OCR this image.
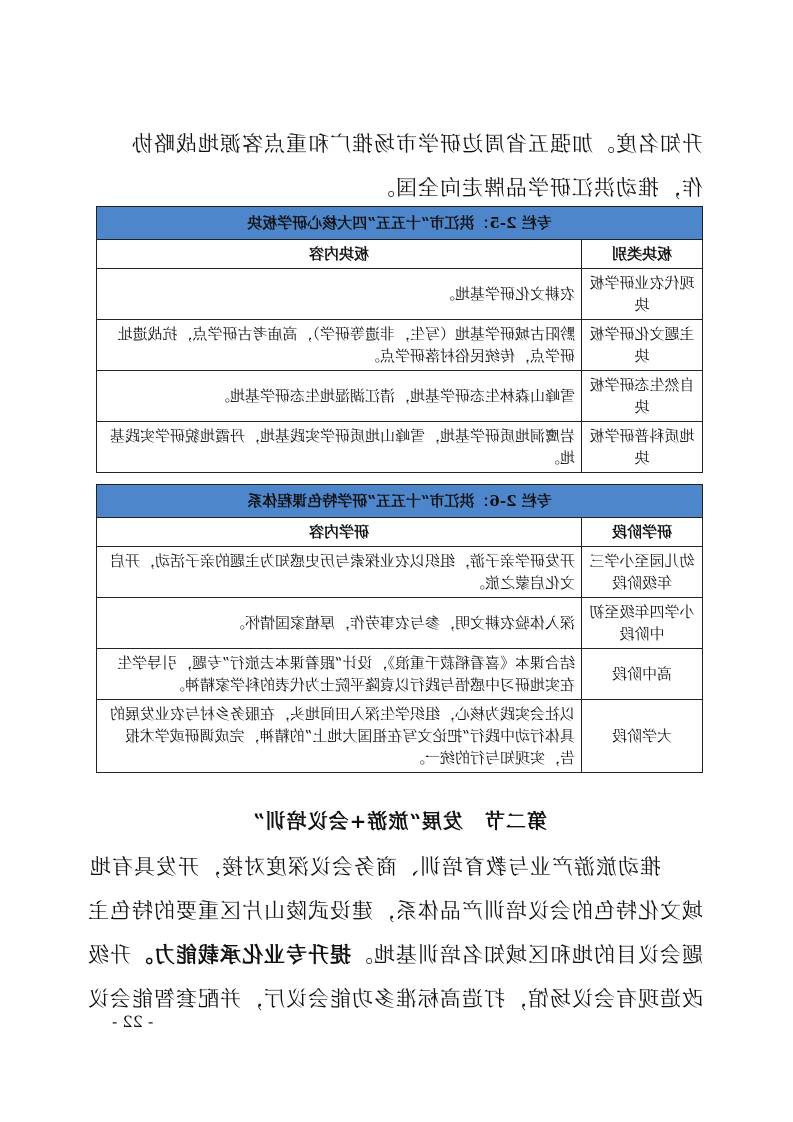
升知名度。加强五省周边研学市场推广和重点客源地战略协作，推动洪江研学品牌走向全国。
专栏 2-5：洪江市“十五五”四大核心研学板块	
板块类别	板块内容
现代农业研学板块	农耕文化研学基地。
主题文化研学板块	黔阳古城研学基地（写生，非遗等研学），高庙考古研学点，抗战遗址研学点，传统民俗村落研学点。
自然生态研学板块	雪峰山森林生态研学基地，清江湖湿地生态研学基地。
地质科普研学板块	岩鹰洞地质研学基地，雪峰山地质研学实践基地，丹霞地貌研学实践基地。
专栏 2-6：洪江市“十五五”研学特色课程体系	
研学阶段	研学内容
幼儿园至小学三年级阶段	开发研学亲子游，组织以农业探索与历史感知为主题的亲子活动，开启文化启蒙之旅。
小学四年级至初中阶段	深入体验农耕文明，参与农事劳作，厚植家国情怀。
高中阶段	结合课本《喜看稻菽千重浪》，设计“跟着课本去旅行”专题，引导学生在实地研习中感悟与践行以袁隆平院士为代表的科学家精神。
大学阶段	以社会实践为核心，组织学生深入田间地头，在服务乡村与农业发展的具体行动中践行“把论文写在祖国大地上”的精神，完成调研或学术报告，实现知与行的统一。
第二节　发展“旅游+会议培训”
推动旅游产业与教育培训、商务会议深度对接，开发具有地
域文化特色的会议培训产品体系，建设武陵山片区重要的特色主
题会议目的地和区域知名培训基地。提升专业化承载能力。升级
改造现有会议场馆，打造高标准多功能会议厅，并配套智能会议
- 22 -
